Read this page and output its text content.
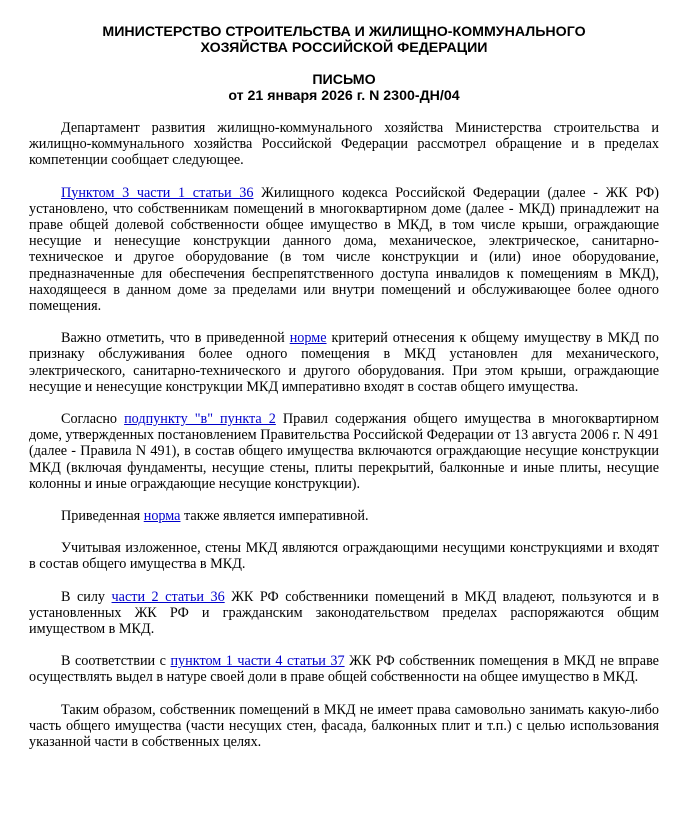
МИНИСТЕРСТВО СТРОИТЕЛЬСТВА И ЖИЛИЩНО-КОММУНАЛЬНОГО

ХОЗЯЙСТВА РОССИЙСКОЙ ФЕДЕРАЦИИ

ПИСЬМО

от 21 января 2026 г. N 2300-ДН/04

Департамент развития жилищно-коммунального хозяйства Министерства строительства и жилищно-коммунального хозяйства Российской Федерации рассмотрел обращение и в пределах компетенции сообщает следующее.

Пунктом 3 части 1 статьи 36 Жилищного кодекса Российской Федерации (далее - ЖК РФ) установлено, что собственникам помещений в многоквартирном доме (далее - МКД) принадлежит на праве общей долевой собственности общее имущество в МКД, в том числе крыши, ограждающие несущие и ненесущие конструкции данного дома, механическое, электрическое, санитарно-техническое и другое оборудование (в том числе конструкции и (или) иное оборудование, предназначенные для обеспечения беспрепятственного доступа инвалидов к помещениям в МКД), находящееся в данном доме за пределами или внутри помещений и обслуживающее более одного помещения.

Важно отметить, что в приведенной норме критерий отнесения к общему имуществу в МКД по признаку обслуживания более одного помещения в МКД установлен для механического, электрического, санитарно-технического и другого оборудования. При этом крыши, ограждающие несущие и ненесущие конструкции МКД императивно входят в состав общего имущества.

Согласно подпункту "в" пункта 2 Правил содержания общего имущества в многоквартирном доме, утвержденных постановлением Правительства Российской Федерации от 13 августа 2006 г. N 491 (далее - Правила N 491), в состав общего имущества включаются ограждающие несущие конструкции МКД (включая фундаменты, несущие стены, плиты перекрытий, балконные и иные плиты, несущие колонны и иные ограждающие несущие конструкции).

Приведенная норма также является императивной.

Учитывая изложенное, стены МКД являются ограждающими несущими конструкциями и входят в состав общего имущества в МКД.

В силу части 2 статьи 36 ЖК РФ собственники помещений в МКД владеют, пользуются и в установленных ЖК РФ и гражданским законодательством пределах распоряжаются общим имуществом в МКД.

В соответствии с пунктом 1 части 4 статьи 37 ЖК РФ собственник помещения в МКД не вправе осуществлять выдел в натуре своей доли в праве общей собственности на общее имущество в МКД.

Таким образом, собственник помещений в МКД не имеет права самовольно занимать какую-либо часть общего имущества (части несущих стен, фасада, балконных плит и т.п.) с целью использования указанной части в собственных целях.
